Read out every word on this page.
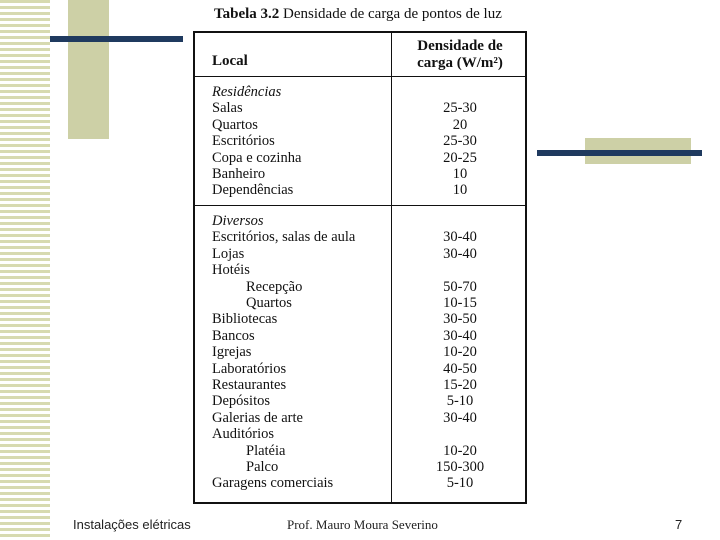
Tabela 3.2 Densidade de carga de pontos de luz
Local
Densidade de
carga (W/m²)
Residências
Salas	25-30
Quartos	20
Escritórios	25-30
Copa e cozinha	20-25
Banheiro	10
Dependências	10
Diversos
Escritórios, salas de aula	30-40
Lojas	30-40
Hotéis
Recepção	50-70
Quartos	10-15
Bibliotecas	30-50
Bancos	30-40
Igrejas	10-20
Laboratórios	40-50
Restaurantes	15-20
Depósitos	5-10
Galerias de arte	30-40
Auditórios
Platéia	10-20
Palco	150-300
Garagens comerciais	5-10
Instalações elétricas	Prof. Mauro Moura Severino	7
